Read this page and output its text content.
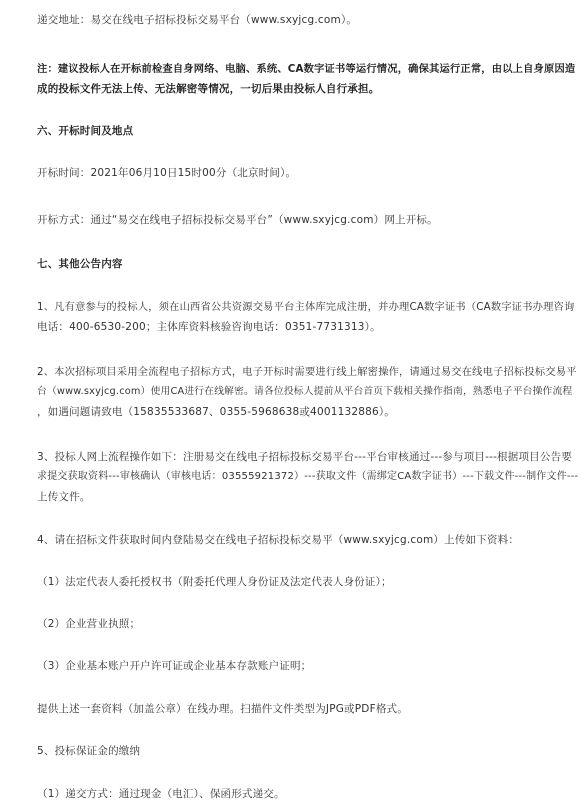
递交地址：易交在线电子招标投标交易平台（www.sxyjcg.com）。
注：建议投标人在开标前检查自身网络、电脑、系统、CA数字证书等运行情况，确保其运行正常，由以上自身原因造
成的投标文件无法上传、无法解密等情况，一切后果由投标人自行承担。
六、开标时间及地点
开标时间：2021年06月10日15时00分（北京时间）。
开标方式：通过“易交在线电子招标投标交易平台”（www.sxyjcg.com）网上开标。
七、其他公告内容
1、凡有意参与的投标人，须在山西省公共资源交易平台主体库完成注册，并办理CA数字证书（CA数字证书办理咨询
电话：400-6530-200；主体库资料核验咨询电话：0351-7731313）。
2、本次招标项目采用全流程电子招标方式，电子开标时需要进行线上解密操作，请通过易交在线电子招标投标交易平
台（www.sxyjcg.com）使用CA进行在线解密。请各位投标人提前从平台首页下载相关操作指南，熟悉电子平台操作流程
，如遇问题请致电（15835533687、0355-5968638或4001132886）。
3、投标人网上流程操作如下：注册易交在线电子招标投标交易平台---平台审核通过---参与项目---根据项目公告要
求提交获取资料---审核确认（审核电话：03555921372）---获取文件（需绑定CA数字证书）---下载文件---制作文件---
上传文件。
4、请在招标文件获取时间内登陆易交在线电子招标投标交易平（www.sxyjcg.com）上传如下资料：
（1）法定代表人委托授权书（附委托代理人身份证及法定代表人身份证）；
（2）企业营业执照；
（3）企业基本账户开户许可证或企业基本存款账户证明；
提供上述一套资料（加盖公章）在线办理。扫描件文件类型为JPG或PDF格式。
5、投标保证金的缴纳
（1）递交方式：通过现金（电汇）、保函形式递交。
